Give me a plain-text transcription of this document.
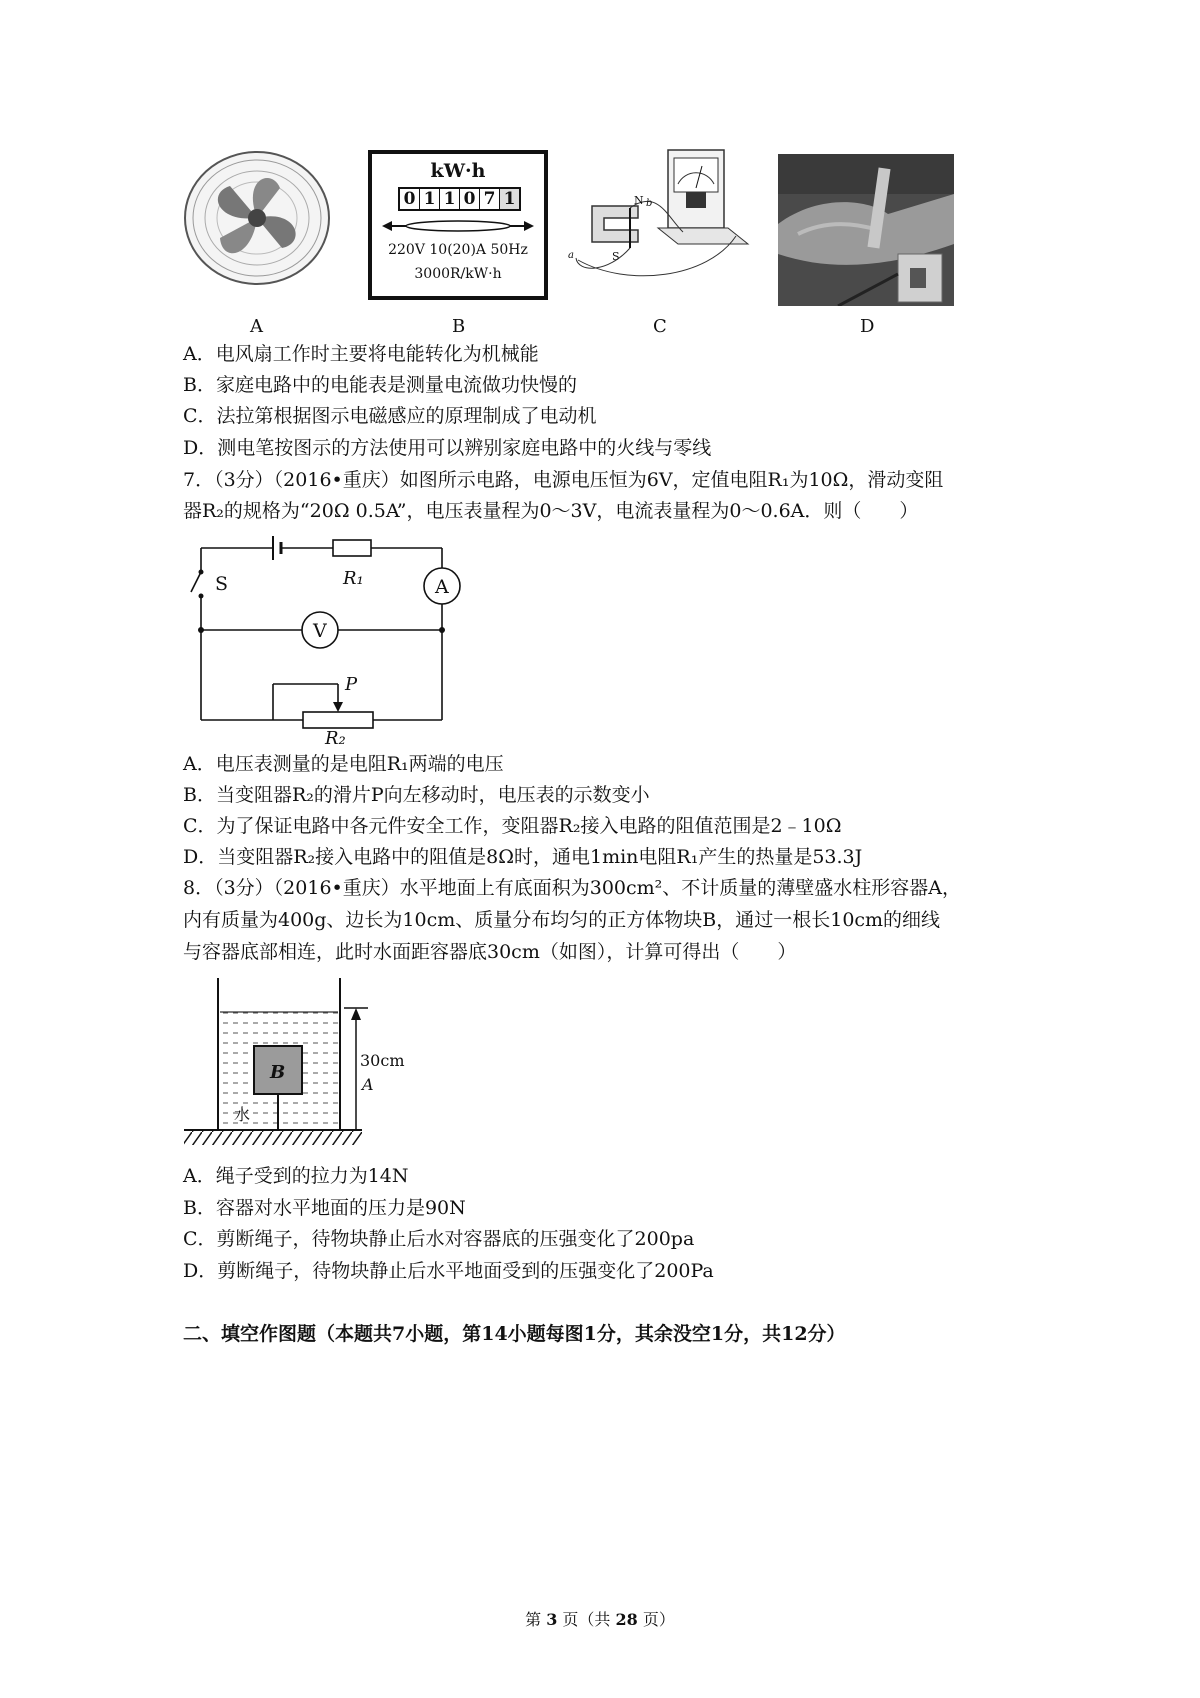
A
kW·h
0 1 1 0 7 1
220V 10(20)A 50Hz
3000R/kW·h
B
N b
S
a
C	D
A．电风扇工作时主要将电能转化为机械能
B．家庭电路中的电能表是测量电流做功快慢的
C．法拉第根据图示电磁感应的原理制成了电动机
D．测电笔按图示的方法使用可以辨别家庭电路中的火线与零线
7．（3分）（2016•重庆）如图所示电路，电源电压恒为6V，定值电阻R₁为10Ω，滑动变阻
器R₂的规格为“20Ω 0.5A”，电压表量程为0～3V，电流表量程为0～0.6A．则（　　）
S	R₁	A
V
P
R₂
A．电压表测量的是电阻R₁两端的电压
B．当变阻器R₂的滑片P向左移动时，电压表的示数变小
C．为了保证电路中各元件安全工作，变阻器R₂接入电路的阻值范围是2﹣10Ω
D．当变阻器R₂接入电路中的阻值是8Ω时，通电1min电阻R₁产生的热量是53.3J
8．（3分）（2016•重庆）水平地面上有底面积为300cm²、不计质量的薄壁盛水柱形容器A，
内有质量为400g、边长为10cm、质量分布均匀的正方体物块B，通过一根长10cm的细线
与容器底部相连，此时水面距容器底30cm（如图），计算可得出（　　）
B
水
A
30cm
A．绳子受到的拉力为14N
B．容器对水平地面的压力是90N
C．剪断绳子，待物块静止后水对容器底的压强变化了200pa
D．剪断绳子，待物块静止后水平地面受到的压强变化了200Pa
二、填空作图题（本题共7小题，第14小题每图1分，其余没空1分，共12分）
第 3 页（共 28 页）
